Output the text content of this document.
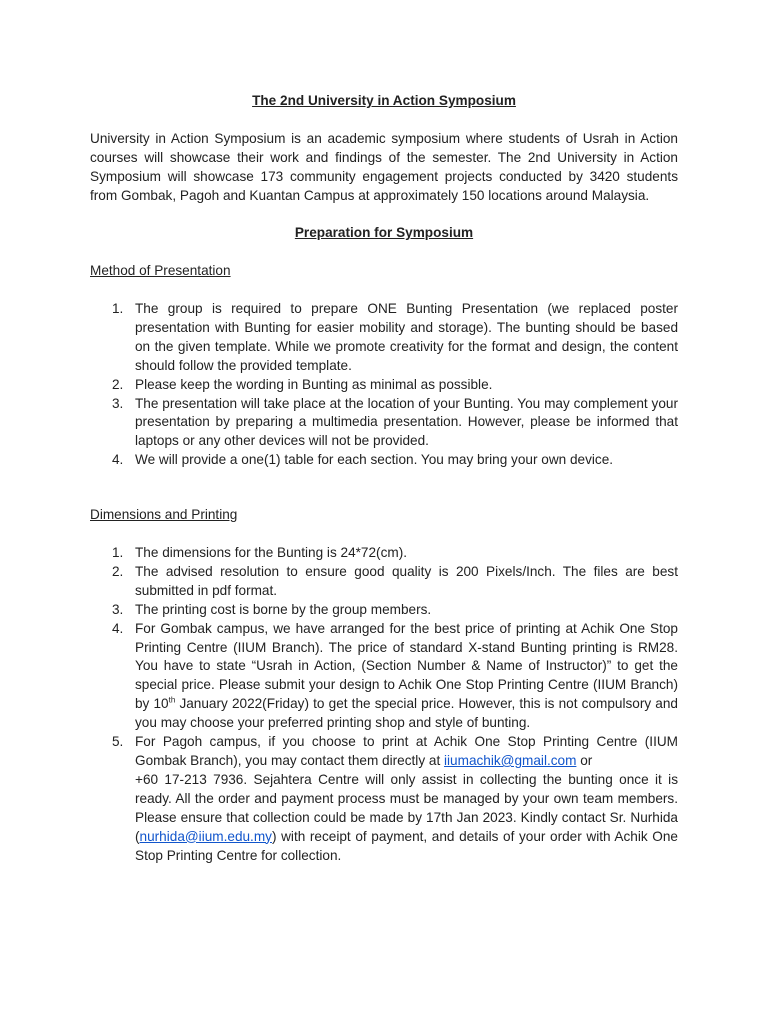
The 2nd University in Action Symposium
University in Action Symposium is an academic symposium where students of Usrah in Action courses will showcase their work and findings of the semester. The 2nd University in Action Symposium will showcase 173 community engagement projects conducted by 3420 students from Gombak, Pagoh and Kuantan Campus at approximately 150 locations around Malaysia.
Preparation for Symposium
Method of Presentation
1. The group is required to prepare ONE Bunting Presentation (we replaced poster presentation with Bunting for easier mobility and storage). The bunting should be based on the given template. While we promote creativity for the format and design, the content should follow the provided template.
2. Please keep the wording in Bunting as minimal as possible.
3. The presentation will take place at the location of your Bunting. You may complement your presentation by preparing a multimedia presentation. However, please be informed that laptops or any other devices will not be provided.
4. We will provide a one(1) table for each section. You may bring your own device.
Dimensions and Printing
1. The dimensions for the Bunting is 24*72(cm).
2. The advised resolution to ensure good quality is 200 Pixels/Inch. The files are best submitted in pdf format.
3. The printing cost is borne by the group members.
4. For Gombak campus, we have arranged for the best price of printing at Achik One Stop Printing Centre (IIUM Branch). The price of standard X-stand Bunting printing is RM28. You have to state “Usrah in Action, (Section Number & Name of Instructor)” to get the special price. Please submit your design to Achik One Stop Printing Centre (IIUM Branch) by 10th January 2022(Friday) to get the special price. However, this is not compulsory and you may choose your preferred printing shop and style of bunting.
5. For Pagoh campus, if you choose to print at Achik One Stop Printing Centre (IIUM Gombak Branch), you may contact them directly at iiumachik@gmail.com or
+60 17-213 7936. Sejahtera Centre will only assist in collecting the bunting once it is ready. All the order and payment process must be managed by your own team members. Please ensure that collection could be made by 17th Jan 2023. Kindly contact Sr. Nurhida (nurhida@iium.edu.my) with receipt of payment, and details of your order with Achik One Stop Printing Centre for collection.
